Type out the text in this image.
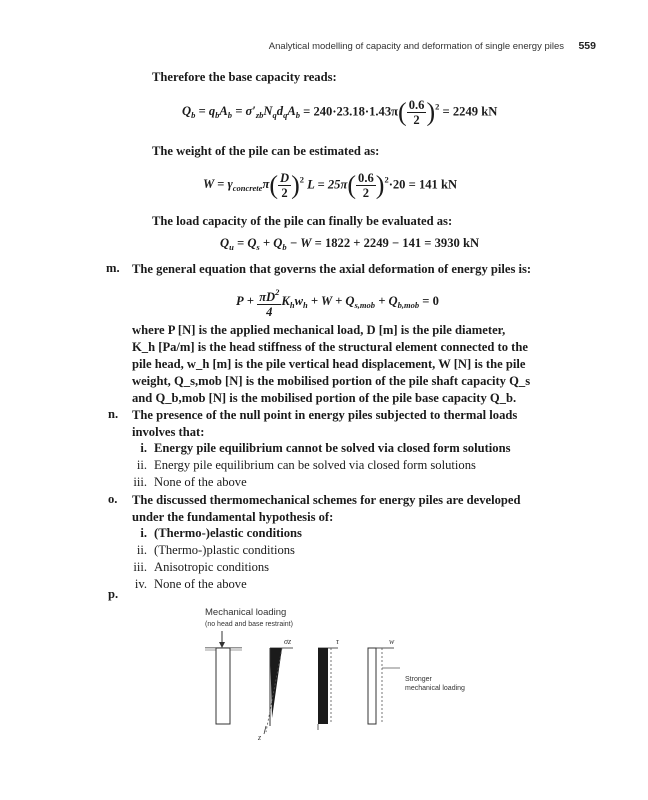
Analytical modelling of capacity and deformation of single energy piles 559
Therefore the base capacity reads:
$Q_b = q_bA_b = \sigma'_{zb}N_qd_qA_b = 240\cdot 23.18\cdot 1.43\pi( \frac{0.6}{2} )^2 = 2249$ kN
The weight of the pile can be estimated as:
$W = \gamma_{concrete}\pi( \frac{D}{2} )^2$ $L = 25\pi( \frac{0.6}{2} )^2\cdot 20 = 141$ kN
The load capacity of the pile can finally be evaluated as:
$Q_u = Q_s + Q_b - W = 1822 + 2249 - 141 = 3930$ kN
m. The general equation that governs the axial deformation of energy piles is:
$P + \frac{\pi D^2}{4} K_hw_h + W + Q_{s,mob} + Q_{b,mob} = 0$
where P [N] is the applied mechanical load, D [m] is the pile diameter,
K_h [Pa/m] is the head stiffness of the structural element connected to the
pile head, w_h [m] is the pile vertical head displacement, W [N] is the pile
weight, Q_s,mob [N] is the mobilised portion of the pile shaft capacity Q_s
and Q_b,mob [N] is the mobilised portion of the pile base capacity Q_b.
n. The presence of the null point in energy piles subjected to thermal loads
involves that:
i. Energy pile equilibrium cannot be solved via closed form solutions
ii. Energy pile equilibrium can be solved via closed form solutions
iii. None of the above
o. The discussed thermomechanical schemes for energy piles are developed
under the fundamental hypothesis of:
i. (Thermo-)elastic conditions
ii. (Thermo-)plastic conditions
iii. Anisotropic conditions
iv. None of the above
p.
Mechanical loading
(no head and base restraint)
σz
z
τ	w
Stronger
mechanical loading
